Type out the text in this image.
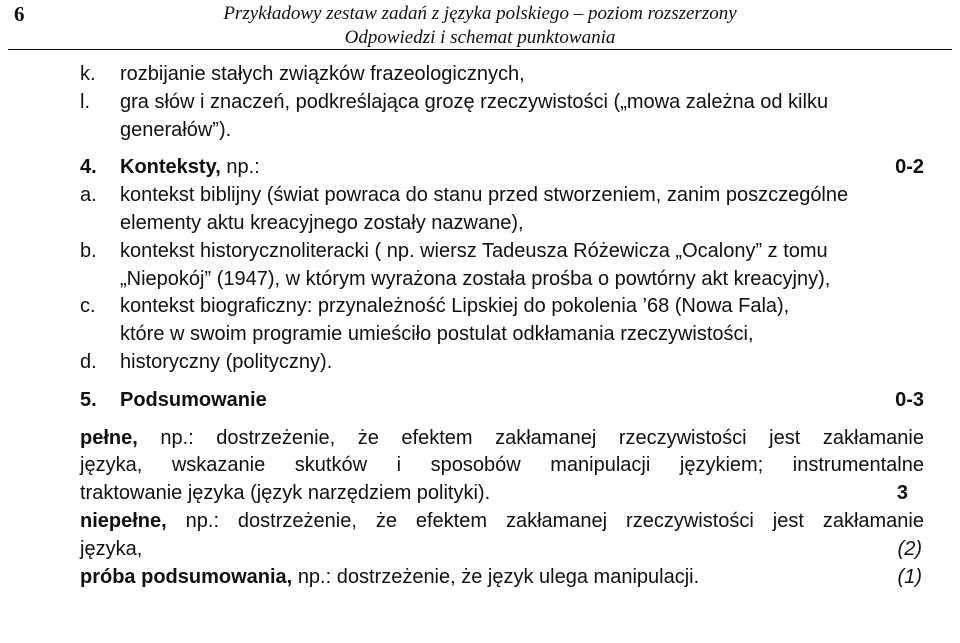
6	Przykładowy zestaw zadań z języka polskiego – poziom rozszerzony
Odpowiedzi i schemat punktowania
k.	rozbijanie stałych związków frazeologicznych,
l.	gra słów i znaczeń, podkreślająca grozę rzeczywistości („mowa zależna od kilku
generałów”).
4.	Konteksty, np.:	0-2
a.	kontekst biblijny (świat powraca do stanu przed stworzeniem, zanim poszczególne
elementy aktu kreacyjnego zostały nazwane),
b.	kontekst historycznoliteracki ( np. wiersz Tadeusza Różewicza „Ocalony” z tomu
„Niepokój” (1947), w którym wyrażona została prośba o powtórny akt kreacyjny),
c.	kontekst biograficzny: przynależność Lipskiej do pokolenia ’68 (Nowa Fala),
które w swoim programie umieściło postulat odkłamania rzeczywistości,
d.	historyczny (polityczny).
5.	Podsumowanie	0-3
pełne, np.: dostrzeżenie, że efektem zakłamanej rzeczywistości jest zakłamanie
języka, wskazanie skutków i sposobów manipulacji językiem; instrumentalne
traktowanie języka (język narzędziem polityki).	3
niepełne, np.: dostrzeżenie, że efektem zakłamanej rzeczywistości jest zakłamanie
języka,	(2)
próba podsumowania, np.: dostrzeżenie, że język ulega manipulacji.	(1)
